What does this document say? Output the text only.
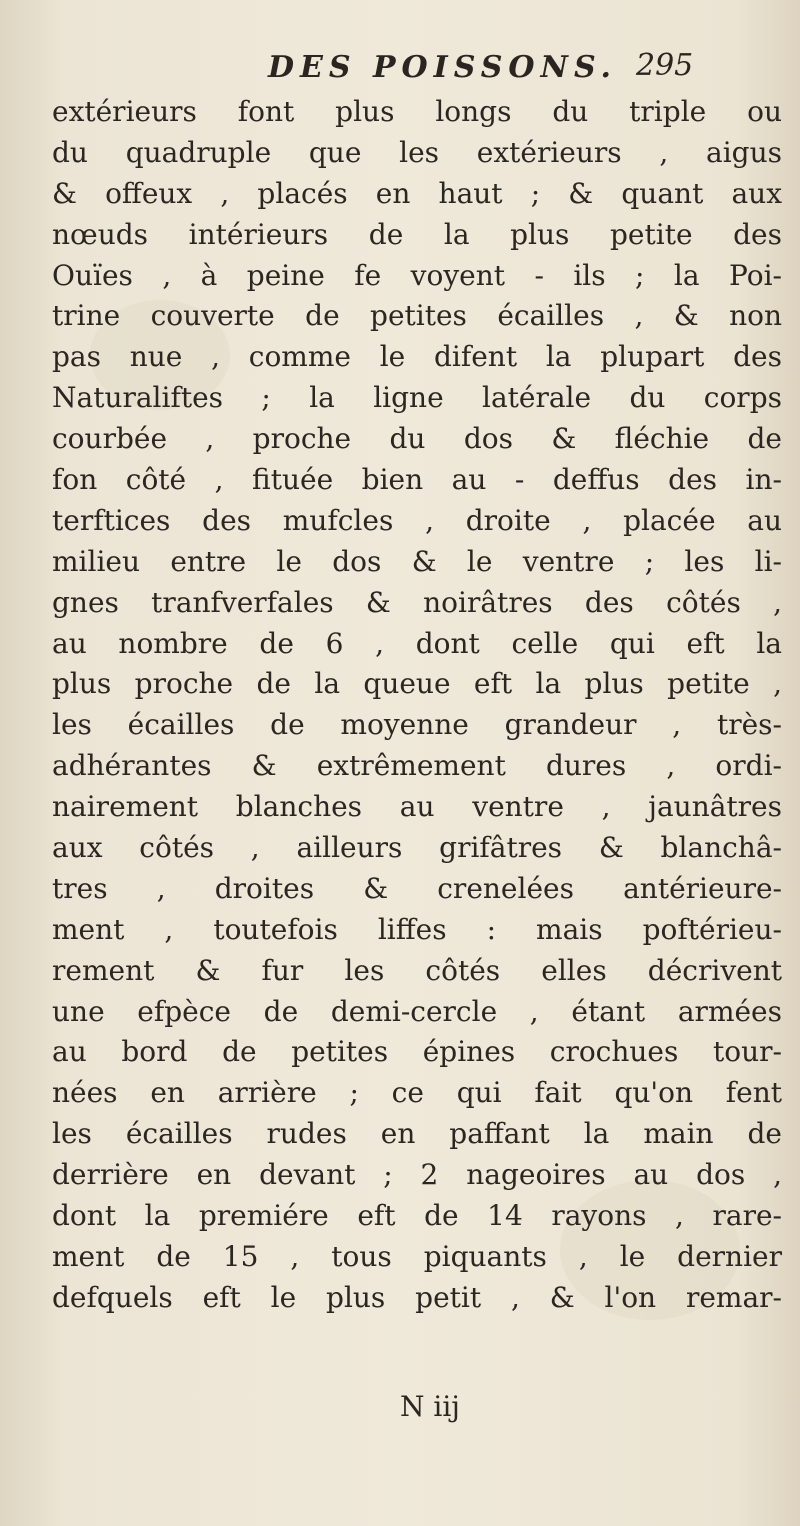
DES POISSONS. 295
extérieurs font plus longs du triple ou
du quadruple que les extérieurs , aigus
& offeux , placés en haut ; & quant aux
nœuds intérieurs de la plus petite des
Ouïes , à peine fe voyent - ils ; la Poi-
trine couverte de petites écailles , & non
pas nue , comme le difent la plupart des
Naturaliftes ; la ligne latérale du corps
courbée , proche du dos & fléchie de
fon côté , fituée bien au - deffus des in-
terftices des mufcles , droite , placée au
milieu entre le dos & le ventre ; les li-
gnes tranfverfales & noirâtres des côtés ,
au nombre de 6 , dont celle qui eft la
plus proche de la queue eft la plus petite ,
les écailles de moyenne grandeur , très-
adhérantes & extrêmement dures , ordi-
nairement blanches au ventre , jaunâtres
aux côtés , ailleurs grifâtres & blanchâ-
tres , droites & crenelées antérieure-
ment , toutefois liffes : mais poftérieu-
rement & fur les côtés elles décrivent
une efpèce de demi-cercle , étant armées
au bord de petites épines crochues tour-
nées en arrière ; ce qui fait qu'on fent
les écailles rudes en paffant la main de
derrière en devant ; 2 nageoires au dos ,
dont la premiére eft de 14 rayons , rare-
ment de 15 , tous piquants , le dernier
defquels eft le plus petit , & l'on remar-
N iij
